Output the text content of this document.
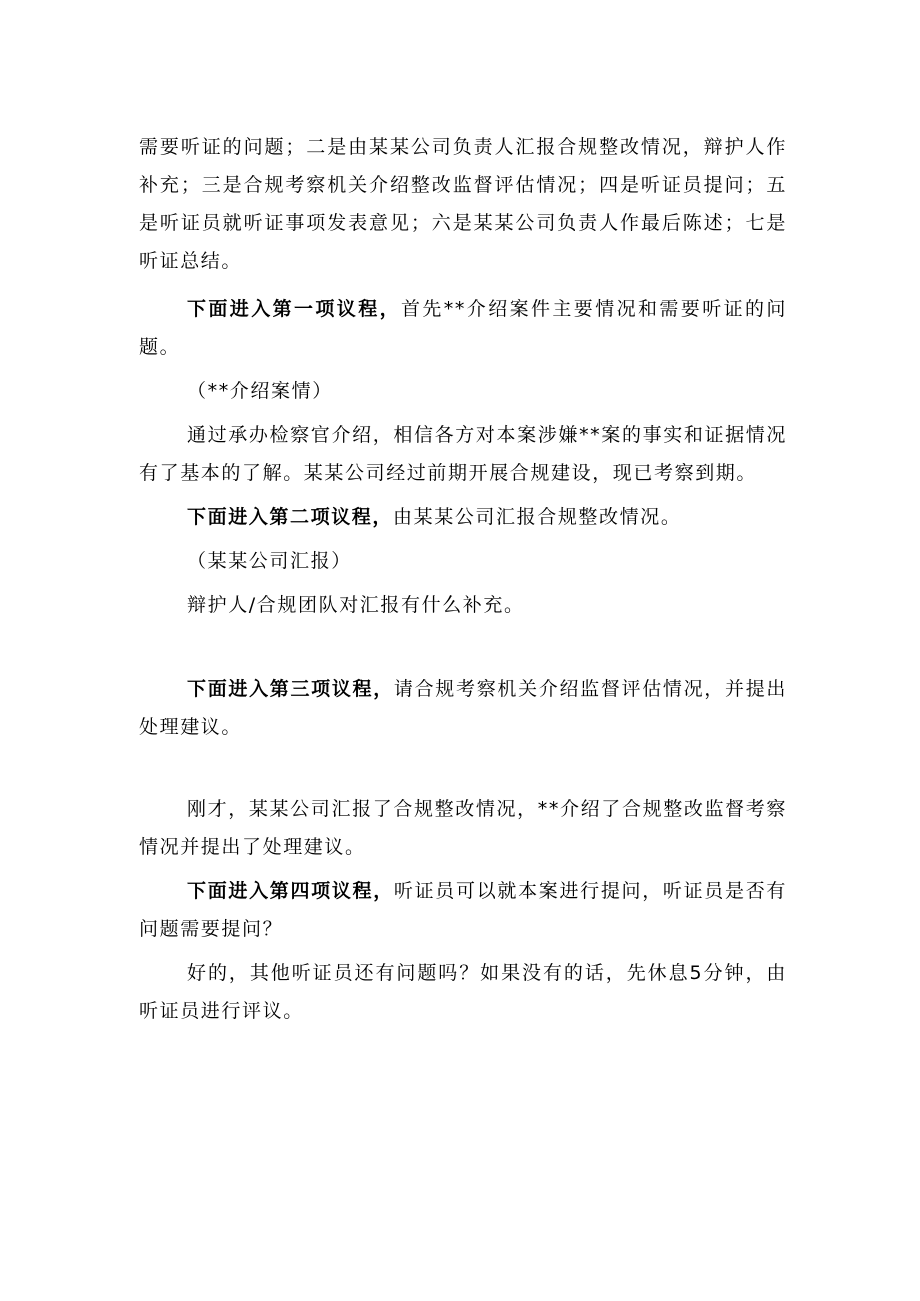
需要听证的问题；二是由某某公司负责人汇报合规整改情况，辩护人作补充；三是合规考察机关介绍整改监督评估情况；四是听证员提问；五是听证员就听证事项发表意见；六是某某公司负责人作最后陈述；七是听证总结。

下面进入第一项议程，首先**介绍案件主要情况和需要听证的问题。

（**介绍案情）

通过承办检察官介绍，相信各方对本案涉嫌**案的事实和证据情况有了基本的了解。某某公司经过前期开展合规建设，现已考察到期。

下面进入第二项议程，由某某公司汇报合规整改情况。

（某某公司汇报）

辩护人/合规团队对汇报有什么补充。

下面进入第三项议程，请合规考察机关介绍监督评估情况，并提出处理建议。

刚才，某某公司汇报了合规整改情况，**介绍了合规整改监督考察情况并提出了处理建议。

下面进入第四项议程，听证员可以就本案进行提问，听证员是否有问题需要提问？

好的，其他听证员还有问题吗？如果没有的话，先休息5分钟，由听证员进行评议。
